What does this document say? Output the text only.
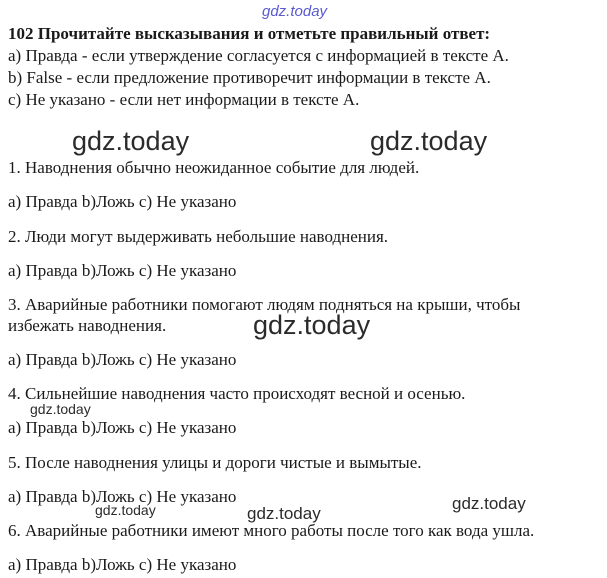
gdz.today
102 Прочитайте высказывания и отметьте правильный ответ:
a) Правда - если утверждение согласуется с информацией в тексте A.
b) False - если предложение противоречит информации в тексте A.
c) Не указано - если нет информации в тексте A.
gdz.today	gdz.today
1. Наводнения обычно неожиданное событие для людей.
a) Правда b)Ложь c) Не указано
2. Люди могут выдерживать небольшие наводнения.
a) Правда b)Ложь c) Не указано
3. Аварийные работники помогают людям подняться на крыши, чтобы
избежать наводнения.	gdz.today
a) Правда b)Ложь c) Не указано
4. Сильнейшие наводнения часто происходят весной и осенью.
gdz.today
a) Правда b)Ложь c) Не указано
5. После наводнения улицы и дороги чистые и вымытые.
a) Правда b)Ложь c) Не указано	gdz.today
gdz.today	gdz.today
6. Аварийные работники имеют много работы после того как вода ушла.
a) Правда b)Ложь c) Не указано
